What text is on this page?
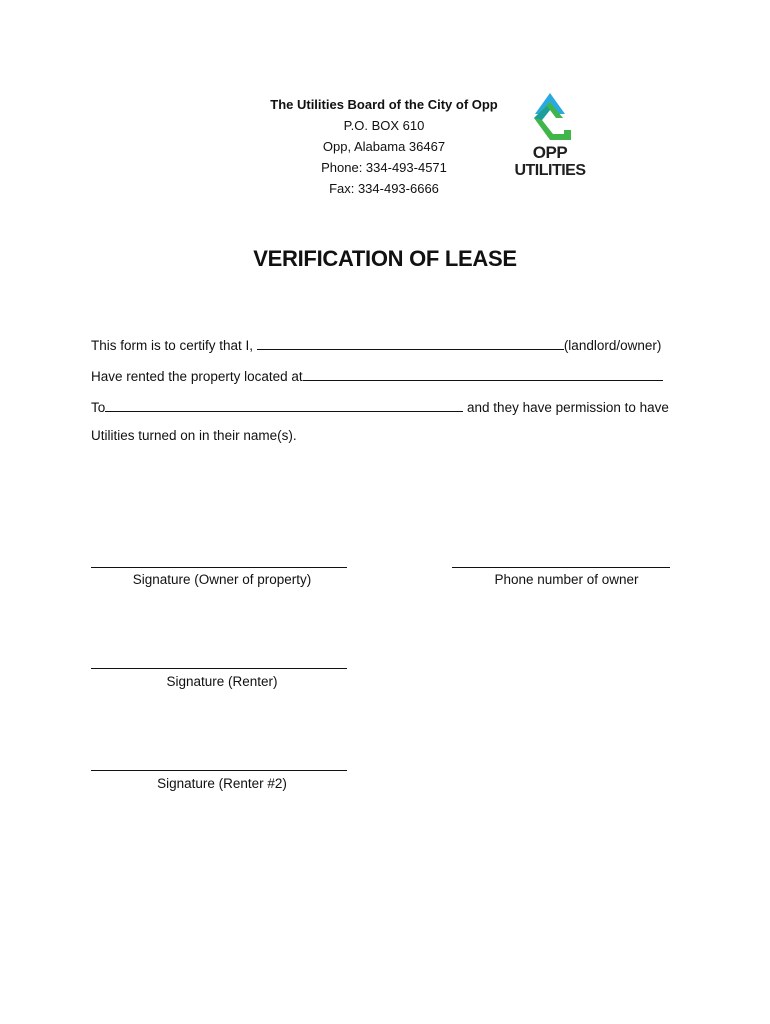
The Utilities Board of the City of Opp
P.O. BOX 610
Opp, Alabama 36467
Phone: 334-493-4571
Fax: 334-493-6666
OPP
UTILITIES
VERIFICATION OF LEASE
This form is to certify that I,	(landlord/owner)
Have rented the property located at
To	and they have permission to have
Utilities turned on in their name(s).
Signature (Owner of property)	Phone number of owner
Signature (Renter)
Signature (Renter #2)
